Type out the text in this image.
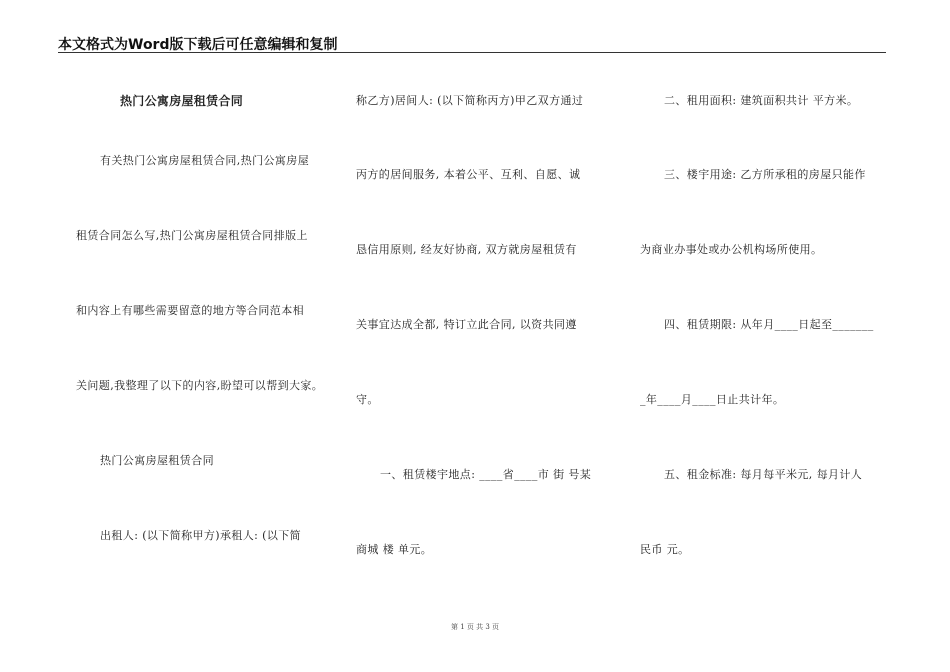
本文格式为Word版下载后可任意编辑和复制
热门公寓房屋租赁合同
有关热门公寓房屋租赁合同,热门公寓房屋
租赁合同怎么写,热门公寓房屋租赁合同排版上
和内容上有哪些需要留意的地方等合同范本相
关问题,我整理了以下的内容,盼望可以帮到大家。
热门公寓房屋租赁合同
出租人: (以下简称甲方)承租人: (以下简
称乙方)居间人: (以下简称丙方)甲乙双方通过
丙方的居间服务, 本着公平、互利、自愿、诚
恳信用原则, 经友好协商, 双方就房屋租赁有
关事宜达成全都, 特订立此合同, 以资共同遵
守。
一、租赁楼宇地点: ____省____市 街 号某
商城 楼 单元。
二、租用面积: 建筑面积共计 平方米。
三、楼宇用途: 乙方所承租的房屋只能作
为商业办事处或办公机构场所使用。
四、租赁期限: 从年月____日起至_______
_年____月____日止共计年。
五、租金标准: 每月每平米元, 每月计人
民币 元。
第 1 页 共 3 页
